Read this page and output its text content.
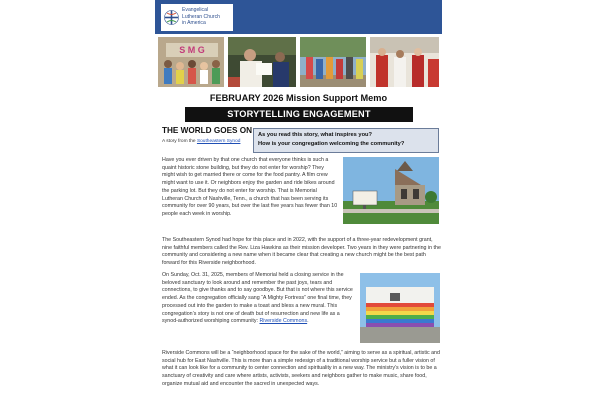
Evangelical
Lutheran Church
in America
S M G
FEBRUARY 2026 Mission Support Memo
STORYTELLING ENGAGEMENT
THE WORLD GOES ON
A story from the Southeastern Synod
As you read this story, what inspires you?
How is your congregation welcoming the community?
Have you ever driven by that one church that everyone thinks is such a quaint historic stone building, but they do not enter for worship? They might wish to get married there or come for the food pantry. A film crew might want to use it. Or neighbors enjoy the garden and ride bikes around the parking lot. But they do not enter for worship. That is Memorial Lutheran Church of Nashville, Tenn., a church that has been serving its community for over 90 years, but over the last five years has fewer than 10 people each week in worship.
The Southeastern Synod had hope for this place and in 2022, with the support of a three-year redevelopment grant, nine faithful members called the Rev. Liza Hawkins as their mission developer. Two years in they were partnering in the community and considering a new name when it became clear that creating a new church might be the best path forward for this Riverside neighborhood.
On Sunday, Oct. 31, 2025, members of Memorial held a closing service in the beloved sanctuary to look around and remember the past joys, tears and connections, to give thanks and to say goodbye. But that is not where this service ended. As the congregation officially sang “A Mighty Fortress” one final time, they processed out into the garden to make a toast and bless a new mural. This congregation’s story is not one of death but of resurrection and new life as a synod-authorized worshiping community: Riverside Commons.
Riverside Commons will be a “neighborhood space for the sake of the world,” aiming to serve as a spiritual, artistic and social hub for East Nashville. This is more than a simple redesign of a traditional worship service but a fuller vision of what it can look like for a community to center connection and spirituality in a new way. The ministry’s vision is to be a sanctuary of creativity and care where artists, activists, seekers and neighbors gather to make music, share food, organize mutual aid and encounter the sacred in unexpected ways.
